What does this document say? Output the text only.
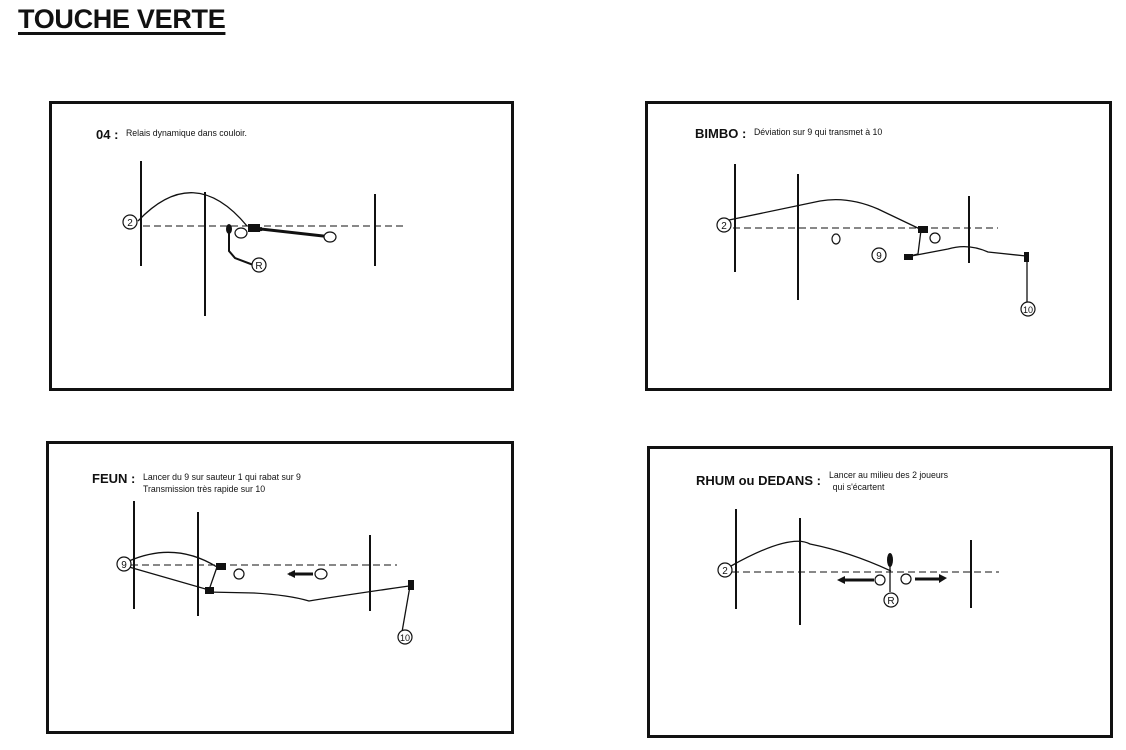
TOUCHE VERTE
04 : Relais dynamique dans couloir.
2
R
BIMBO : Déviation sur 9 qui transmet à 10
2
9
10
FEUN : Lancer du 9 sur sauteur 1 qui rabat sur 9
Transmission très rapide sur 10
9
10
RHUM ou DEDANS : Lancer au milieu des 2 joueurs
qui s'écartent
2
R
